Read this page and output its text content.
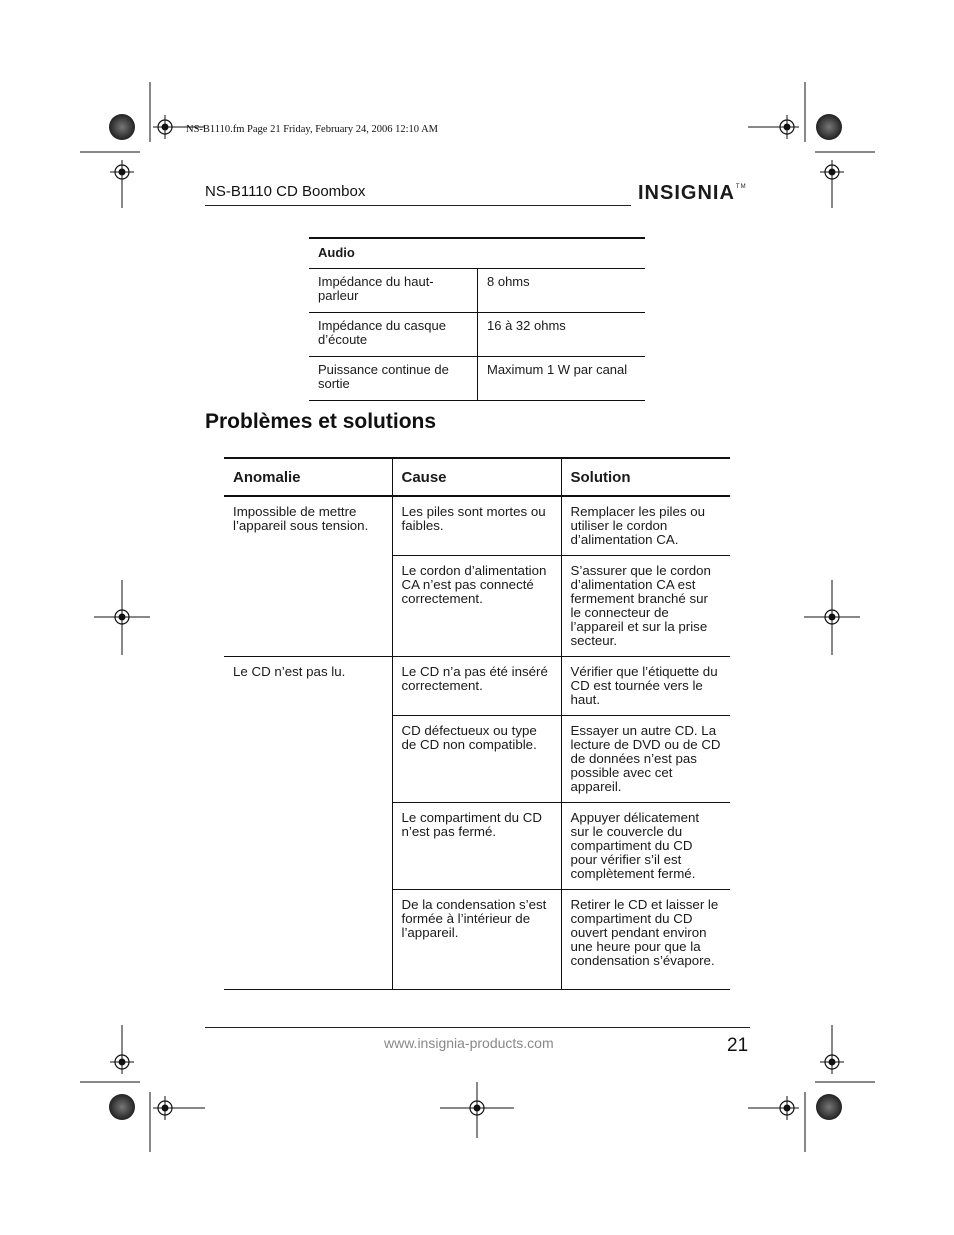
NS-B1110.fm Page 21 Friday, February 24, 2006 12:10 AM
NS-B1110 CD Boombox	INSIGNIA™
Audio	
Impédance du haut-parleur	8 ohms
Impédance du casque d’écoute	16 à 32 ohms
Puissance continue de sortie	Maximum 1 W par canal
Problèmes et solutions
Anomalie	Cause	Solution
Impossible de mettre l’appareil sous tension.	Les piles sont mortes ou faibles.	Remplacer les piles ou utiliser le cordon d’alimentation CA.
	Le cordon d’alimentation CA n’est pas connecté correctement.	S’assurer que le cordon d’alimentation CA est fermement branché sur le connecteur de l’appareil et sur la prise secteur.
Le CD n’est pas lu.	Le CD n’a pas été inséré correctement.	Vérifier que l’étiquette du CD est tournée vers le haut.
	CD défectueux ou type de CD non compatible.	Essayer un autre CD. La lecture de DVD ou de CD de données n’est pas possible avec cet appareil.
	Le compartiment du CD n’est pas fermé.	Appuyer délicatement sur le couvercle du compartiment du CD pour vérifier s’il est complètement fermé.
	De la condensation s’est formée à l’intérieur de l’appareil.	Retirer le CD et laisser le compartiment du CD ouvert pendant environ une heure pour que la condensation s’évapore.
www.insignia-products.com	21
